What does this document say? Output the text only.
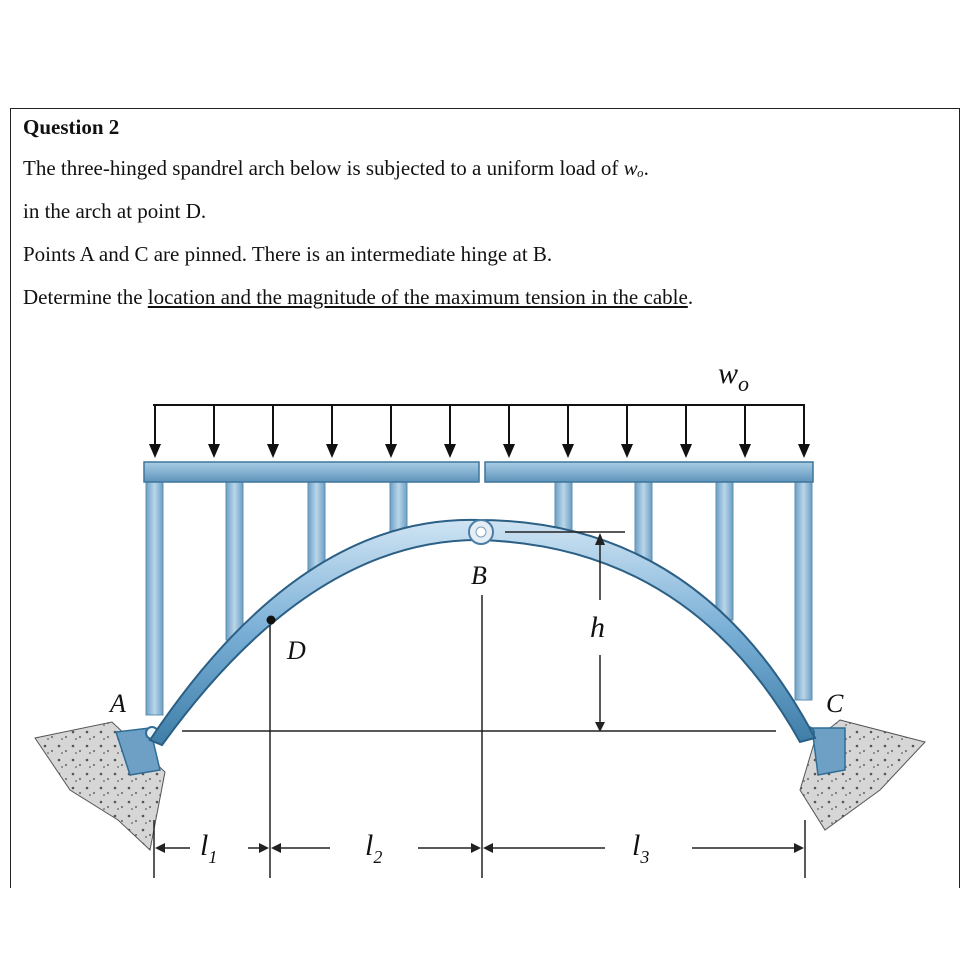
Question 2
The three-hinged spandrel arch below is subjected to a uniform load of wₒ.
in the arch at point D.
Points A and C are pinned. There is an intermediate hinge at B.
Determine the location and the magnitude of the maximum tension in the cable.
$w_o$
A
B
C
D
h
$l_1$	$l_2$	$l_3$
